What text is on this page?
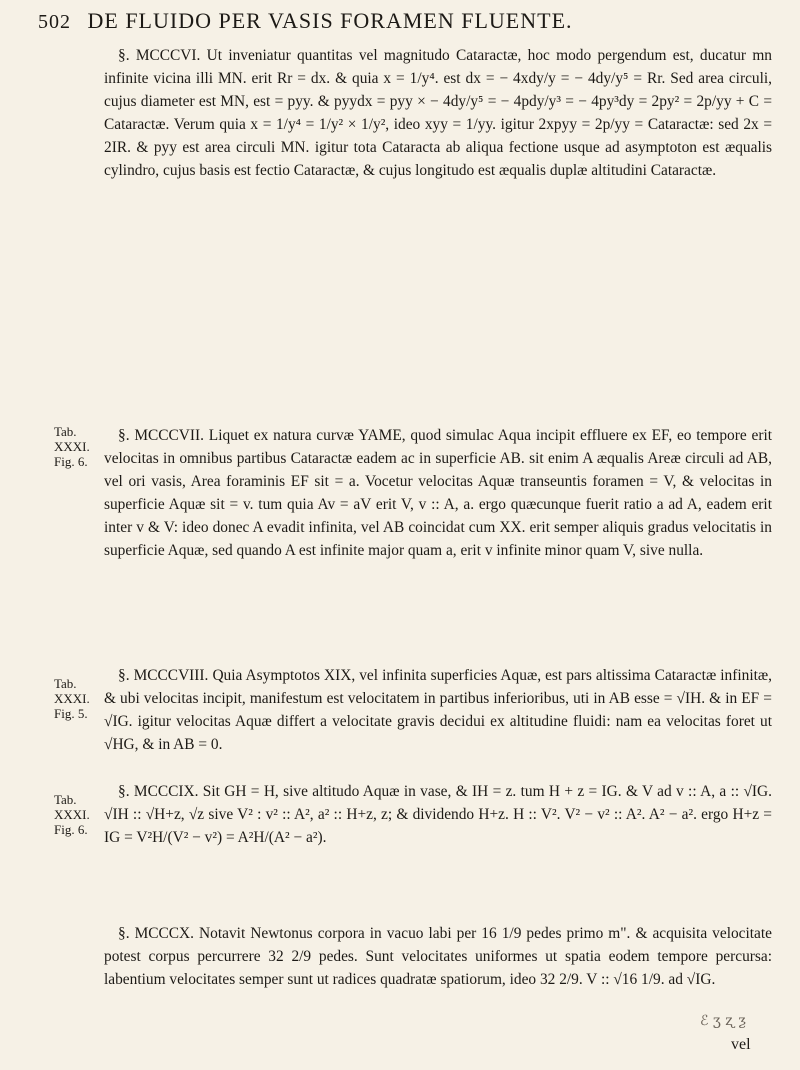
502 DE FLUIDO PER VASIS FORAMEN FLUENTE.
Tab.
XXXI.
Fig. 6.
Tab.
XXXI.
Fig. 5.
Tab.
XXXI.
Fig. 6.

§. MCCCVI. Ut inveniatur quantitas vel magnitudo Cataractæ, hoc modo pergendum est, ducatur mn infinite vicina illi MN. erit Rr = dx. & quia x = 1/y⁴. est dx = − 4xdy/y = − 4dy/y⁵ = Rr. Sed area circuli, cujus diameter est MN, est = pyy. & pyydx = pyy × − 4dy/y⁵ = − 4pdy/y³ = − 4py³dy = 2py² = 2p/yy + C = Cataractæ. Verum quia x = 1/y⁴ = 1/y² × 1/y², ideo xyy = 1/yy. igitur 2xpyy = 2p/yy = Cataractæ: sed 2x = 2IR. & pyy est area circuli MN. igitur tota Cataracta ab aliqua fectione usque ad asymptoton est æqualis cylindro, cujus basis est fectio Cataractæ, & cujus longitudo est æqualis duplæ altitudini Cataractæ.

§. MCCCVII. Liquet ex natura curvæ YAME, quod simulac Aqua incipit effluere ex EF, eo tempore erit velocitas in omnibus partibus Cataractæ eadem ac in superficie AB. sit enim A æqualis Areæ circuli ad AB, vel ori vasis, Area foraminis EF sit = a. Vocetur velocitas Aquæ transeuntis foramen = V, & velocitas in superficie Aquæ sit = v. tum quia Av = aV erit V, v :: A, a. ergo quæcunque fuerit ratio a ad A, eadem erit inter v & V: ideo donec A evadit infinita, vel AB coincidat cum XX. erit semper aliquis gradus velocitatis in superficie Aquæ, sed quando A est infinite major quam a, erit v infinite minor quam V, sive nulla.

§. MCCCVIII. Quia Asymptotos XIX, vel infinita superficies Aquæ, est pars altissima Cataractæ infinitæ, & ubi velocitas incipit, manifestum est velocitatem in partibus inferioribus, uti in AB esse = √IH. & in EF = √IG. igitur velocitas Aquæ differt a velocitate gravis decidui ex altitudine fluidi: nam ea velocitas foret ut √HG, & in AB = 0.

§. MCCCIX. Sit GH = H, sive altitudo Aquæ in vase, & IH = z. tum H + z = IG. & V ad v :: A, a :: √IG. √IH :: √H+z, √z sive V² : v² :: A², a² :: H+z, z; & dividendo H+z. H :: V². V² − v² :: A². A² − a². ergo H+z = IG = V²H/(V² − v²) = A²H/(A² − a²).

§. MCCCX. Notavit Newtonus corpora in vacuo labi per 16 1/9 pedes primo m". & acquisita velocitate potest corpus percurrere 32 2/9 pedes. Sunt velocitates uniformes ut spatia eodem tempore percursa: labentium velocitates semper sunt ut radices quadratæ spatiorum, ideo 32 2/9. V :: √16 1/9. ad √IG.

ℰ ʒ ʐ ƺ
vel
